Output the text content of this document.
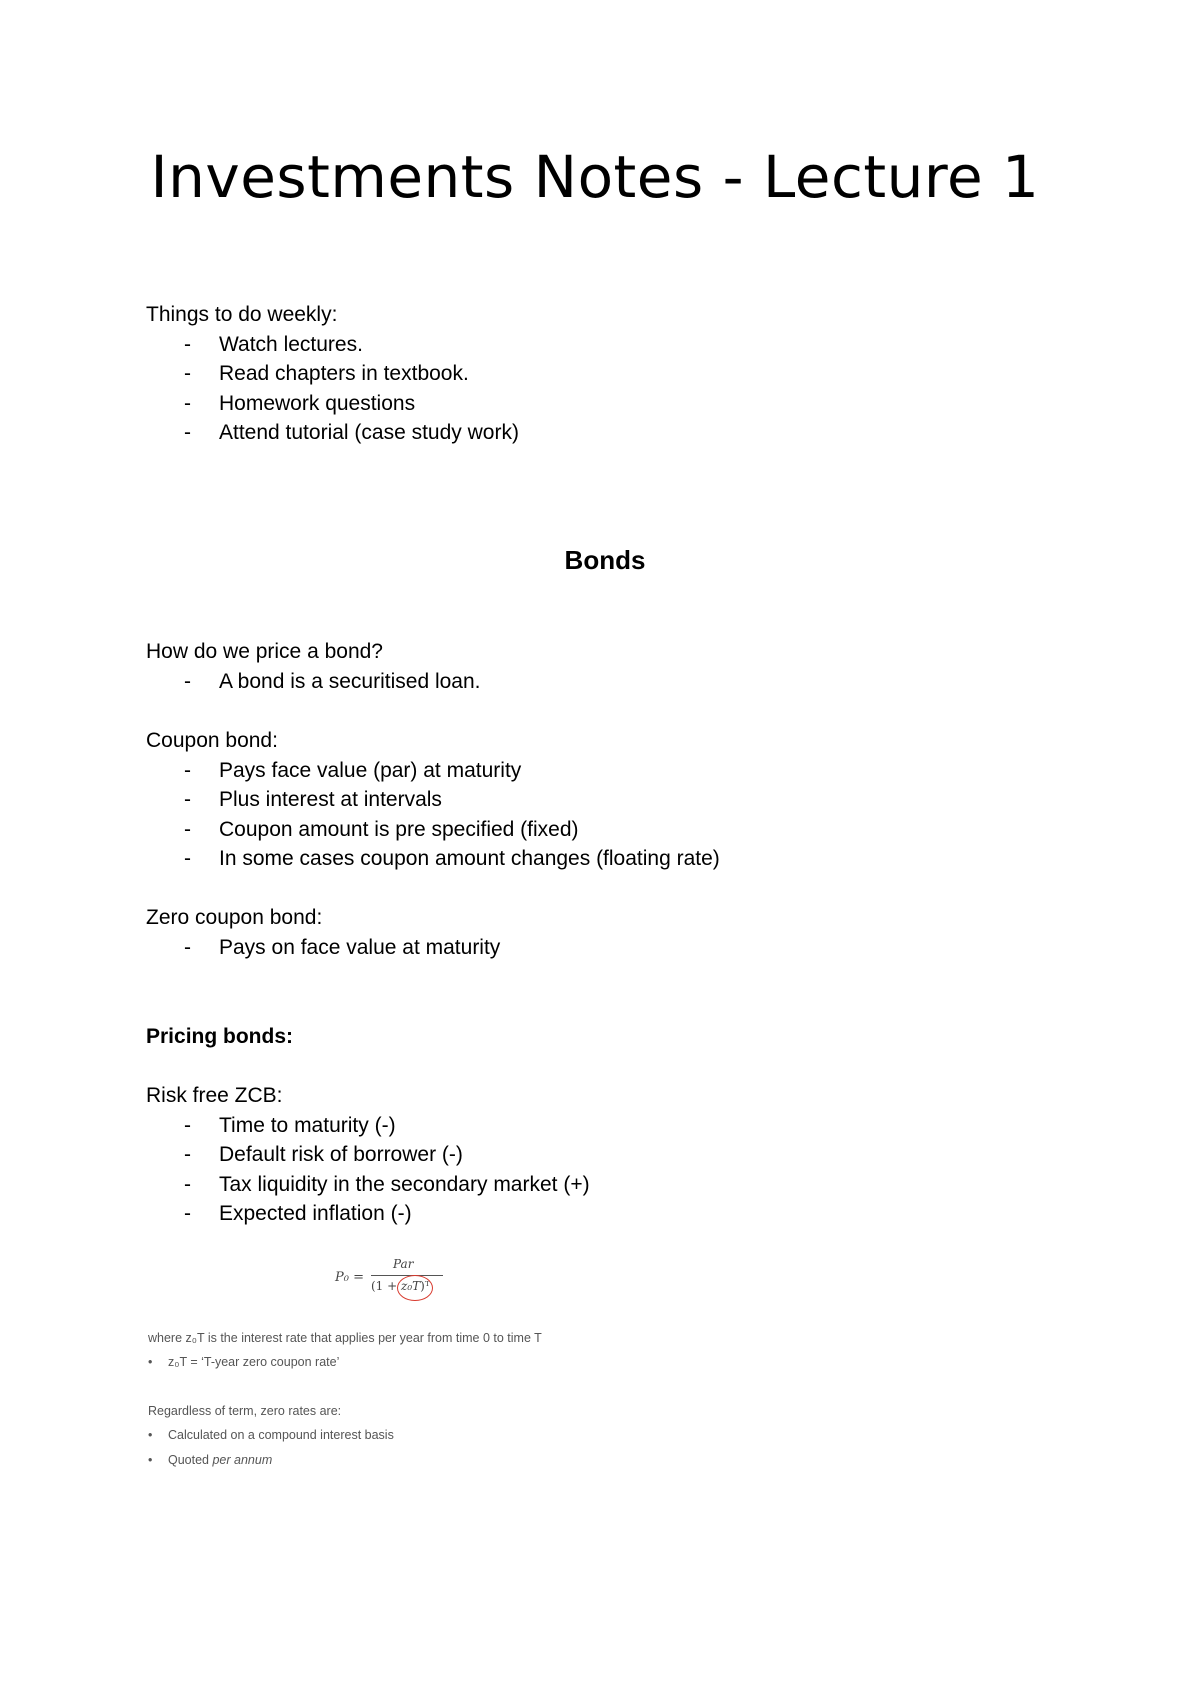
Investments Notes - Lecture 1

Things to do weekly:

- Watch lectures.
- Read chapters in textbook.
- Homework questions
- Attend tutorial (case study work)
Bonds

How do we price a bond?

- A bond is a securitised loan.

Coupon bond:

- Pays face value (par) at maturity
- Plus interest at intervals
- Coupon amount is pre specified (fixed)
- In some cases coupon amount changes (floating rate)

Zero coupon bond:

- Pays on face value at maturity

Pricing bonds:

Risk free ZCB:

- Time to maturity (-)
- Default risk of borrower (-)
- Tax liquidity in the secondary market (+)
- Expected inflation (-)
P₀ =
Par
(1 + z₀T)ᵀ
where z₀T is the interest rate that applies per year from time 0 to time T
• z₀T = ‘T-year zero coupon rate’
Regardless of term, zero rates are:
• Calculated on a compound interest basis
• Quoted per annum
